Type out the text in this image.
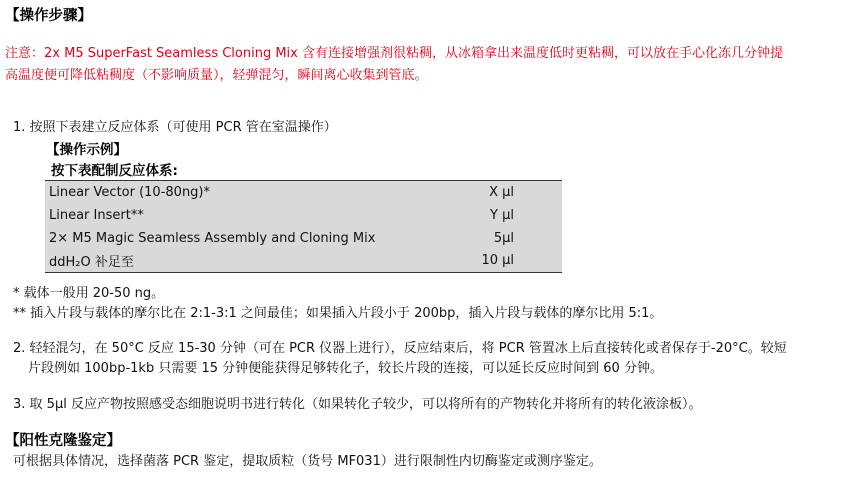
【操作步骤】
注意：2x M5 SuperFast Seamless Cloning Mix 含有连接增强剂很粘稠，从冰箱拿出来温度低时更粘稠，可以放在手心化冻几分钟提
高温度便可降低粘稠度（不影响质量），轻弹混匀，瞬间离心收集到管底。
1. 按照下表建立反应体系（可使用 PCR 管在室温操作）
【操作示例】
按下表配制反应体系:
Linear Vector (10-80ng)*	X μl
Linear Insert**	Y μl
2× M5 Magic Seamless Assembly and Cloning Mix	5μl
ddH₂O 补足至	10 μl
* 载体一般用 20-50 ng。
** 插入片段与载体的摩尔比在 2:1-3:1 之间最佳；如果插入片段小于 200bp，插入片段与载体的摩尔比用 5:1。
2. 轻轻混匀，在 50°C 反应 15-30 分钟（可在 PCR 仪器上进行），反应结束后，将 PCR 管置冰上后直接转化或者保存于-20°C。较短
片段例如 100bp-1kb 只需要 15 分钟便能获得足够转化子，较长片段的连接，可以延长反应时间到 60 分钟。
3. 取 5μl 反应产物按照感受态细胞说明书进行转化（如果转化子较少，可以将所有的产物转化并将所有的转化液涂板）。
【阳性克隆鉴定】
可根据具体情况，选择菌落 PCR 鉴定，提取质粒（货号 MF031）进行限制性内切酶鉴定或测序鉴定。
